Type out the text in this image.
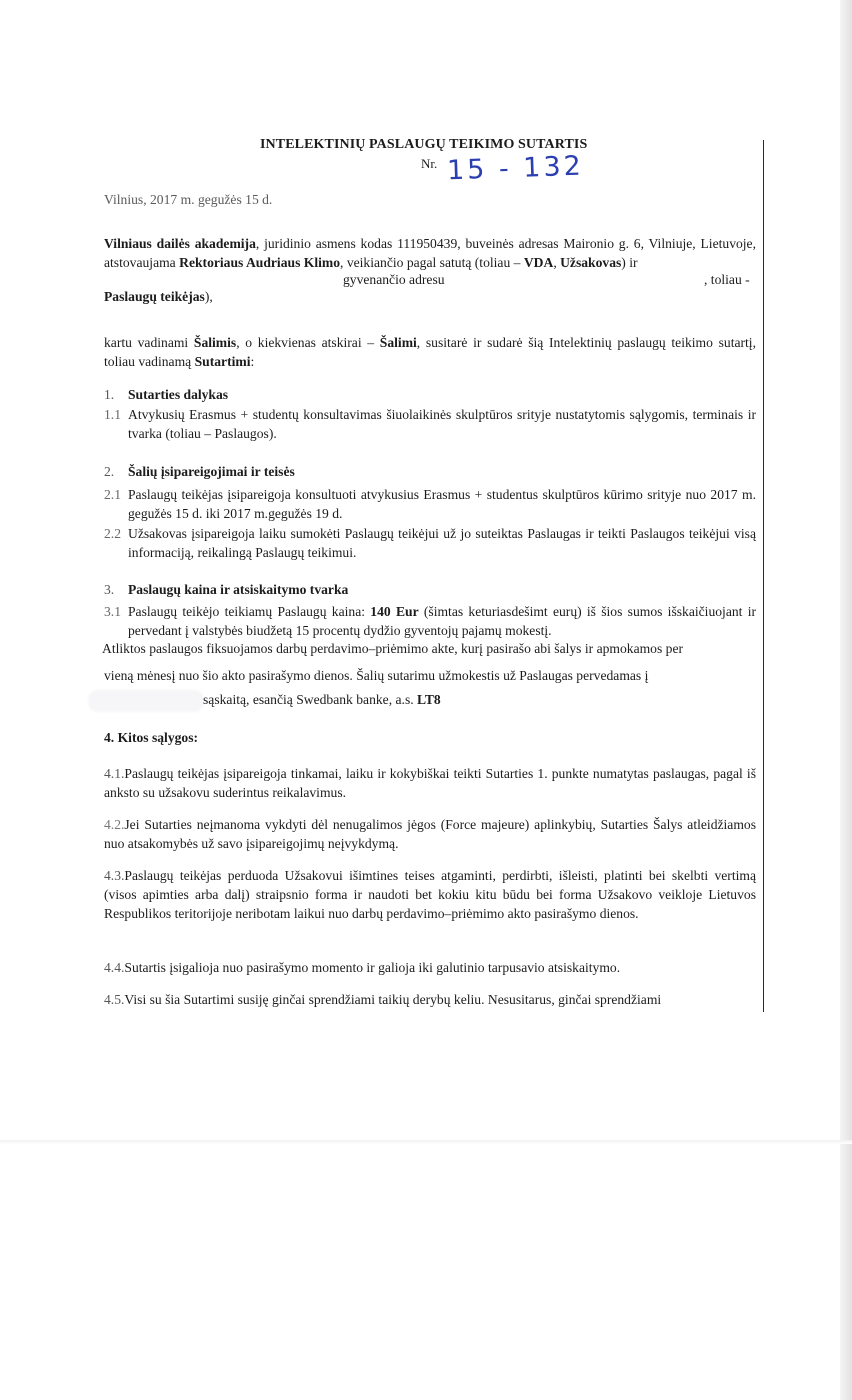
INTELEKTINIŲ PASLAUGŲ TEIKIMO SUTARTIS
Nr. 15 - 132
Vilnius, 2017 m. gegužės 15 d.
Vilniaus dailės akademija, juridinio asmens kodas 111950439, buveinės adresas Maironio g. 6, Vilniuje, Lietuvoje, atstovaujama Rektoriaus Audriaus Klimo, veikiančio pagal satutą (toliau – VDA, Užsakovas) ir
gyvenančio adresu	, toliau -
Paslaugų teikėjas),
kartu vadinami Šalimis, o kiekvienas atskirai – Šalimi, susitarė ir sudarė šią Intelektinių paslaugų teikimo sutartį, toliau vadinamą Sutartimi:
1. Sutarties dalykas
1.1 Atvykusių Erasmus + studentų konsultavimas šiuolaikinės skulptūros srityje nustatytomis sąlygomis, terminais ir tvarka (toliau – Paslaugos).
2. Šalių įsipareigojimai ir teisės
2.1 Paslaugų teikėjas įsipareigoja konsultuoti atvykusius Erasmus + studentus skulptūros kūrimo srityje nuo 2017 m. gegužės 15 d. iki 2017 m.gegužės 19 d.
2.2 Užsakovas įsipareigoja laiku sumokėti Paslaugų teikėjui už jo suteiktas Paslaugas ir teikti Paslaugos teikėjui visą informaciją, reikalingą Paslaugų teikimui.
3. Paslaugų kaina ir atsiskaitymo tvarka
3.1 Paslaugų teikėjo teikiamų Paslaugų kaina: 140 Eur (šimtas keturiasdešimt eurų) iš šios sumos išskaičiuojant ir pervedant į valstybės biudžetą 15 procentų dydžio gyventojų pajamų mokestį.
Atliktos paslaugos fiksuojamos darbų perdavimo–priėmimo akte, kurį pasirašo abi šalys ir apmokamos per
vieną mėnesį nuo šio akto pasirašymo dienos. Šalių sutarimu užmokestis už Paslaugas pervedamas į
sąskaitą, esančią Swedbank banke, a.s. LT8
4. Kitos sąlygos:
4.1.Paslaugų teikėjas įsipareigoja tinkamai, laiku ir kokybiškai teikti Sutarties 1. punkte numatytas paslaugas, pagal iš anksto su užsakovu suderintus reikalavimus.
4.2.Jei Sutarties neįmanoma vykdyti dėl nenugalimos jėgos (Force majeure) aplinkybių, Sutarties Šalys atleidžiamos nuo atsakomybės už savo įsipareigojimų neįvykdymą.
4.3.Paslaugų teikėjas perduoda Užsakovui išimtines teises atgaminti, perdirbti, išleisti, platinti bei skelbti vertimą (visos apimties arba dalį) straipsnio forma ir naudoti bet kokiu kitu būdu bei forma Užsakovo veikloje Lietuvos Respublikos teritorijoje neribotam laikui nuo darbų perdavimo–priėmimo akto pasirašymo dienos.
4.4.Sutartis įsigalioja nuo pasirašymo momento ir galioja iki galutinio tarpusavio atsiskaitymo.
4.5.Visi su šia Sutartimi susiję ginčai sprendžiami taikių derybų keliu. Nesusitarus, ginčai sprendžiami
